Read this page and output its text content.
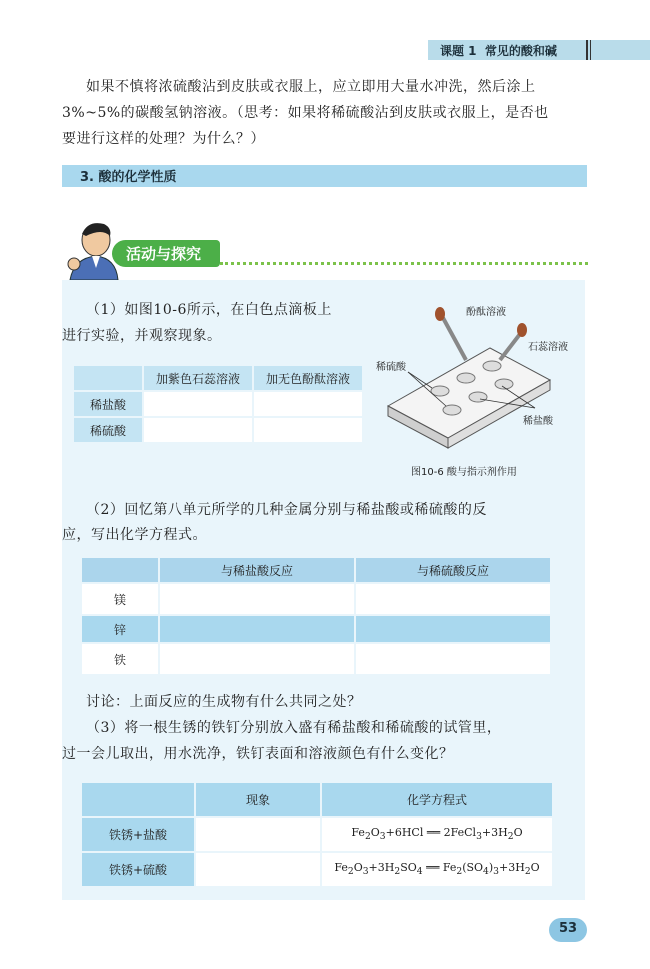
课题 1 常见的酸和碱
如果不慎将浓硫酸沾到皮肤或衣服上，应立即用大量水冲洗，然后涂上
3%~5%的碳酸氢钠溶液。（思考：如果将稀硫酸沾到皮肤或衣服上，是否也
要进行这样的处理？为什么？）
3. 酸的化学性质
活动与探究
（1）如图10-6所示，在白色点滴板上
进行实验，并观察现象。
	加紫色石蕊溶液	加无色酚酞溶液
稀盐酸		
稀硫酸		
酚酞溶液
石蕊溶液
稀硫酸
稀盐酸
图10-6 酸与指示剂作用
（2）回忆第八单元所学的几种金属分别与稀盐酸或稀硫酸的反
应，写出化学方程式。
	与稀盐酸反应	与稀硫酸反应
镁		
锌		
铁		
讨论：上面反应的生成物有什么共同之处？
（3）将一根生锈的铁钉分别放入盛有稀盐酸和稀硫酸的试管里，
过一会儿取出，用水洗净，铁钉表面和溶液颜色有什么变化？
	现象	化学方程式
铁锈+盐酸		$Fe_2O_3+6HCl$ ══ $2FeCl_3+3H_2O$
铁锈+硫酸		$Fe_2O_3+3H_2SO_4$ ══ $Fe_2(SO_4)_3+3H_2O$
53
